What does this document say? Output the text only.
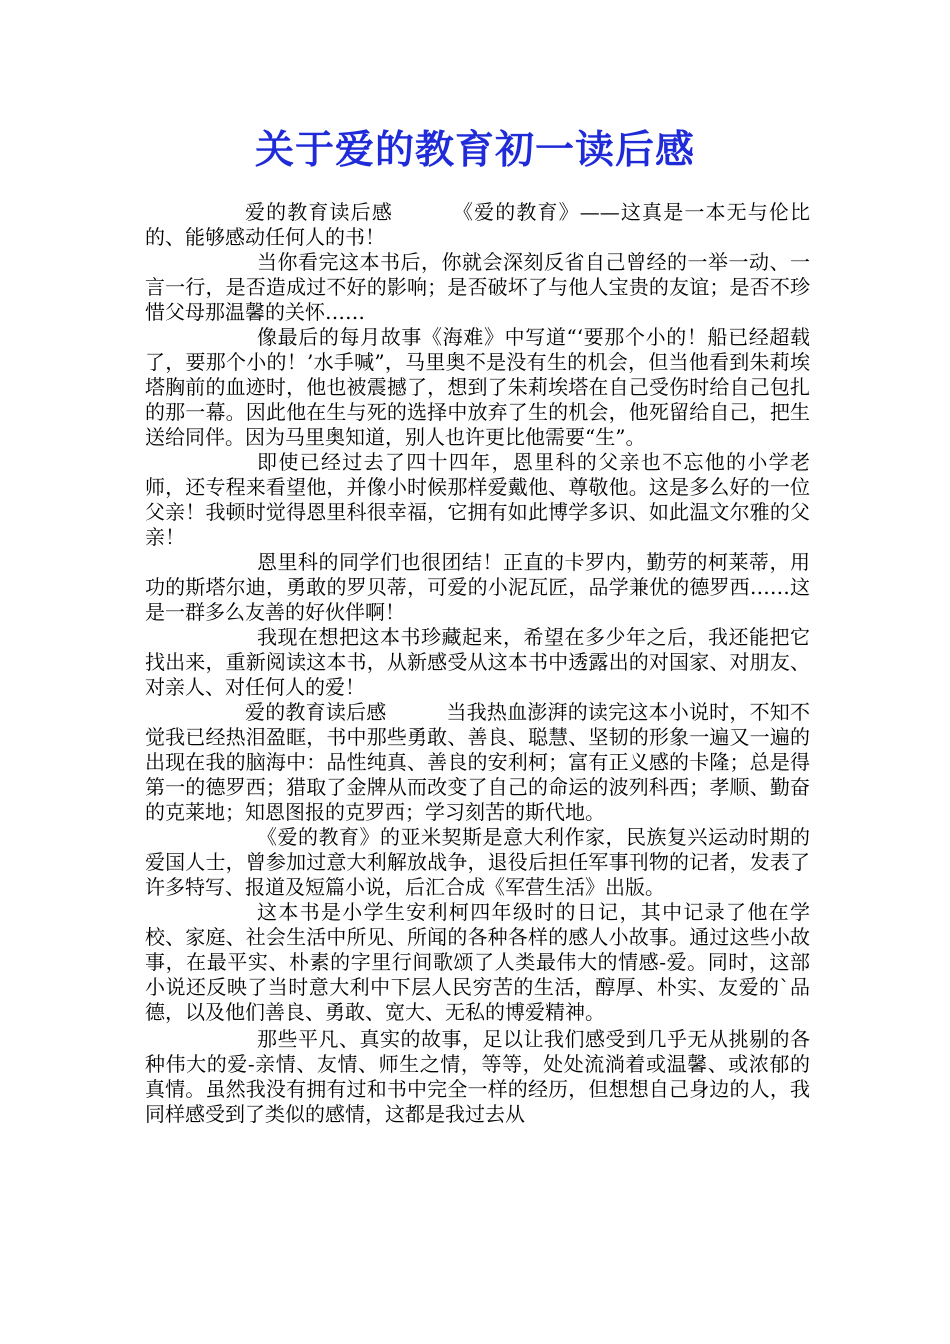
关于爱的教育初一读后感

爱的教育读后感	《爱的教育》——这真是一本无与伦比的、能够感动任何人的书！

当你看完这本书后，你就会深刻反省自己曾经的一举一动、一言一行，是否造成过不好的影响；是否破坏了与他人宝贵的友谊；是否不珍惜父母那温馨的关怀……

像最后的每月故事《海难》中写道“‘要那个小的！船已经超载了，要那个小的！’水手喊”，马里奥不是没有生的机会，但当他看到朱莉埃塔胸前的血迹时，他也被震撼了，想到了朱莉埃塔在自己受伤时给自己包扎的那一幕。因此他在生与死的选择中放弃了生的机会，他死留给自己，把生送给同伴。因为马里奥知道，别人也许更比他需要“生”。

即使已经过去了四十四年，恩里科的父亲也不忘他的小学老师，还专程来看望他，并像小时候那样爱戴他、尊敬他。这是多么好的一位父亲！我顿时觉得恩里科很幸福，它拥有如此博学多识、如此温文尔雅的父亲！

恩里科的同学们也很团结！正直的卡罗内，勤劳的柯莱蒂，用功的斯塔尔迪，勇敢的罗贝蒂，可爱的小泥瓦匠，品学兼优的德罗西……这是一群多么友善的好伙伴啊！

我现在想把这本书珍藏起来，希望在多少年之后，我还能把它找出来，重新阅读这本书，从新感受从这本书中透露出的对国家、对朋友、对亲人、对任何人的爱！

爱的教育读后感	当我热血澎湃的读完这本小说时，不知不觉我已经热泪盈眶，书中那些勇敢、善良、聪慧、坚韧的形象一遍又一遍的出现在我的脑海中：品性纯真、善良的安利柯；富有正义感的卡隆；总是得第一的德罗西；猎取了金牌从而改变了自己的命运的波列科西；孝顺、勤奋的克莱地；知恩图报的克罗西；学习刻苦的斯代地。

《爱的教育》的亚米契斯是意大利作家，民族复兴运动时期的爱国人士，曾参加过意大利解放战争，退役后担任军事刊物的记者，发表了许多特写、报道及短篇小说，后汇合成《军营生活》出版。

这本书是小学生安利柯四年级时的日记，其中记录了他在学校、家庭、社会生活中所见、所闻的各种各样的感人小故事。通过这些小故事，在最平实、朴素的字里行间歌颂了人类最伟大的情感-爱。同时，这部小说还反映了当时意大利中下层人民穷苦的生活，醇厚、朴实、友爱的`品德，以及他们善良、勇敢、宽大、无私的博爱精神。

那些平凡、真实的故事，足以让我们感受到几乎无从挑剔的各种伟大的爱-亲情、友情、师生之情，等等，处处流淌着或温馨、或浓郁的真情。虽然我没有拥有过和书中完全一样的经历，但想想自己身边的人，我同样感受到了类似的感情，这都是我过去从
